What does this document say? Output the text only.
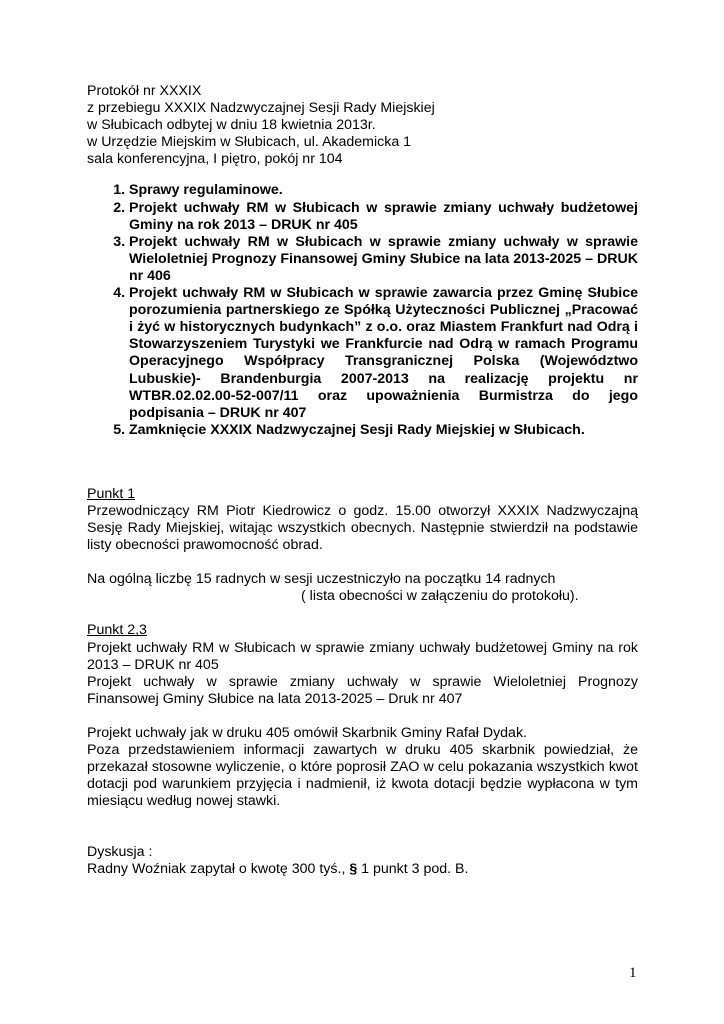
Protokół nr XXXIX
z przebiegu XXXIX Nadzwyczajnej Sesji Rady Miejskiej
w Słubicach odbytej w dniu 18 kwietnia 2013r.
w Urzędzie Miejskim w Słubicach, ul. Akademicka 1
sala konferencyjna, I piętro, pokój nr 104
1. Sprawy regulaminowe.
2. Projekt uchwały RM w Słubicach w sprawie zmiany uchwały budżetowej Gminy na rok 2013 – DRUK nr 405
3. Projekt uchwały RM w Słubicach w sprawie zmiany uchwały w sprawie Wieloletniej Prognozy Finansowej Gminy Słubice na lata 2013-2025 – DRUK nr 406
4. Projekt uchwały RM w Słubicach w sprawie zawarcia przez Gminę Słubice porozumienia partnerskiego ze Spółką Użyteczności Publicznej „Pracować i żyć w historycznych budynkach” z o.o. oraz Miastem Frankfurt nad Odrą i Stowarzyszeniem Turystyki we Frankfurcie nad Odrą w ramach Programu Operacyjnego Współpracy Transgranicznej Polska (Województwo Lubuskie)- Brandenburgia 2007-2013 na realizację projektu nr WTBR.02.02.00-52-007/11 oraz upoważnienia Burmistrza do jego podpisania – DRUK nr 407
5. Zamknięcie XXXIX Nadzwyczajnej Sesji Rady Miejskiej w Słubicach.
Punkt 1
Przewodniczący RM Piotr Kiedrowicz o godz. 15.00 otworzył XXXIX Nadzwyczajną Sesję Rady Miejskiej, witając wszystkich obecnych. Następnie stwierdził na podstawie listy obecności prawomocność obrad.
Na ogólną liczbę 15 radnych w sesji uczestniczyło na początku 14 radnych
( lista obecności w załączeniu do protokołu).
Punkt 2,3
Projekt uchwały RM w Słubicach w sprawie zmiany uchwały budżetowej Gminy na rok 2013 – DRUK nr 405
Projekt uchwały w sprawie zmiany uchwały w sprawie Wieloletniej Prognozy Finansowej Gminy Słubice na lata 2013-2025 – Druk nr 407
Projekt uchwały jak w druku 405 omówił Skarbnik Gminy Rafał Dydak.
Poza przedstawieniem informacji zawartych w druku 405 skarbnik powiedział, że przekazał stosowne wyliczenie, o które poprosił ZAO w celu pokazania wszystkich kwot dotacji pod warunkiem przyjęcia i nadmienił, iż kwota dotacji będzie wypłacona w tym miesiącu według nowej stawki.
Dyskusja :
Radny Woźniak zapytał o kwotę 300 tyś., § 1 punkt 3 pod. B.
1
